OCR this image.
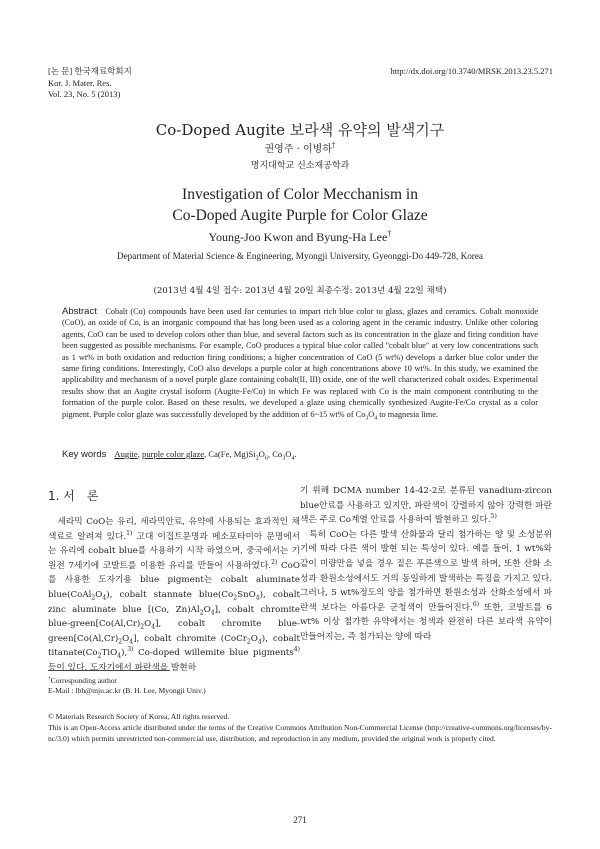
[논 문] 한국재료학회지
Kor. J. Mater. Res.
Vol. 23, No. 5 (2013)
http://dx.doi.org/10.3740/MRSK.2013.23.5.271
Co-Doped Augite 보라색 유약의 발색기구
권영주 · 이병하†
명지대학교 신소재공학과
Investigation of Color Mecchanism in
Co-Doped Augite Purple for Color Glaze
Young-Joo Kwon and Byung-Ha Lee†
Department of Material Science & Engineering, Myongji University, Gyeonggi-Do 449-728, Korea
(2013년 4월 4일 접수: 2013년 4월 20일 최종수정: 2013년 4월 22일 채택)
Abstract Cobalt (Co) compounds have been used for centuries to impart rich blue color to glass, glazes and ceramics. Cobalt monoxide (CoO), an oxide of Co, is an inorganic compound that has long been used as a coloring agent in the ceramic industry. Unlike other coloring agents, CoO can be used to develop colors other than blue, and several factors such as its concentration in the glaze and firing condition have been suggested as possible mechanisms. For example, CoO produces a typical blue color called "cobalt blue" at very low concentrations such as 1 wt% in both oxidation and reduction firing conditions; a higher concentration of CoO (5 wt%) develops a darker blue color under the same firing conditions. Interestingly, CoO also develops a purple color at high concentrations above 10 wt%. In this study, we examined the applicability and mechanism of a novel purple glaze containing cobalt(II, III) oxide, one of the well characterized cobalt oxides. Experimental results show that an Augite crystal isoform (Augite-Fe/Co) in which Fe was replaced with Co is the main component contributing to the formation of the purple color. Based on these results, we developed a glaze using chemically synthesized Augite-Fe/Co crystal as a color pigment. Purple color glaze was successfully developed by the addition of 6~15 wt% of $Co_3O_4$ to magnesia lime.
Key words Augite, purple color glaze, Ca(Fe, $Mg)Si_2O_6$, $Co_3O_4$.
1. 서　론
　세라믹 CoO는 유리, 세라믹안료, 유약에 사용되는 효과적인 채색료로 알려져 있다.$^{1)}$ 고대 이집트문명과 메소포타미아 문명에서는 유리에 cobalt blue를 사용하기 시작 하였으며, 중국에서는 기원전 7세기에 코발트를 이용한 유리를 만들어 사용하였다.$^{2)}$ CoO를 사용한 도자기용 blue pigment는 cobalt aluminate $blue(CoAl_2O_4)$, cobalt stannate $blue(Co_2SnO_4)$, cobalt zinc aluminate blue [(Co, $Zn)Al_2O_4$], cobalt chromite blue-$green[Co(Al,Cr)_2O_4]$, cobalt chromite blue-$green[Co(Al,Cr)_2O_4]$, cobalt chromite $(CoCr_2O_4)$, cobalt $titanate(Co_2TiO_4),^{3)}$ Co-doped willemite blue pigments$^{4)}$ 등이 있다. 도자기에서 파란색을 발현하
기 위해 DCMA number 14-42-2로 분류된 vanadium-zircon blue안료를 사용하고 있지만, 파란색이 강렬하지 않아 강력한 파란색은 주로 Co계열 안료를 사용하여 발현하고 있다.$^{5)}$
　특히 CoO는 다른 발색 산화물과 달리 첨가하는 양 및 소성분위기에 따라 다른 색이 발현 되는 특성이 있다. 예를 들어, 1 wt%와 같이 미량만을 넣을 경우 짙은 푸른색으로 발색 하며, 또한 산화 소성과 환원소성에서도 거의 동일하게 발색하는 특징을 가지고 있다. 그러나, 5 wt%정도의 양을 첨가하면 환원소성과 산화소성에서 파란색 보다는 아름다운 군청색이 만들어진다.$^{6)}$ 또한, 코발트를 6 wt% 이상 첨가한 유약에서는 청색과 완전히 다른 보라색 유약이 만들어지는, 즉 첨가되는 양에 따라
†Corresponding author
E-Mail : lbh@mju.ac.kr (B. H. Lee, Myongji Univ.)
© Materials Research Society of Korea, All rights reserved.
This is an Open-Access article distributed under the terms of the Creative Commons Attribution Non-Commercial License (http://creative-commons.org/licenses/by-nc/3.0) which permits unrestricted non-commercial use, distribution, and reproduction in any medium, provided the original work is properly cited.
271
